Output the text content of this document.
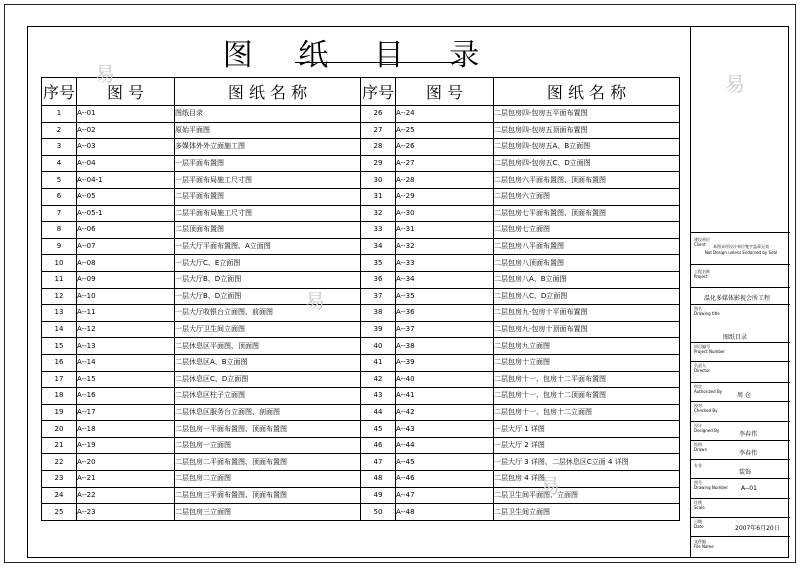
图 纸 目 录
序号	图 号	图 纸 名 称	序号	图 号	图 纸 名 称
1	A--01	图纸目录	26	A--24	二层包房四-包房五平面布置图
2	A--02	原始平面图	27	A--25	二层包房四-包房五顶面布置图
3	A--03	多媒体外外立面施工图	28	A--26	二层包房四-包房五A、B立面图
4	A--04	一层平面布置图	29	A--27	二层包房四-包房五C、D立面图
5	A--04-1	一层平面布局施工尺寸图	30	A--28	二层包房六平面布置图、顶面布置图
6	A--05	二层平面布置图	31	A--29	二层包房六立面图
7	A--05-1	二层平面布局施工尺寸图	32	A--30	二层包房七平面布置图、顶面布置图
8	A--06	二层顶面布置图	33	A--31	二层包房七立面图
9	A--07	一层大厅平面布置图、A立面图	34	A--32	二层包房八平面布置图
10	A--08	一层大厅C、E立面图	35	A--33	二层包房八顶面布置图
11	A--09	一层大厅B、D立面图	36	A--34	二层包房八A、B立面图
12	A--10	一层大厅B、D立面图	37	A--35	二层包房八C、D立面图
13	A--11	一层大厅收银台立面图、前面图	38	A--36	二层包房九-包房十平面布置图
14	A--12	一层大厅卫生间立面图	39	A--37	二层包房九-包房十顶面布置图
15	A--13	二层休息区平面图、顶面图	40	A--38	二层包房九立面图
16	A--14	二层休息区A、B立面图	41	A--39	二层包房十立面图
17	A--15	二层休息区C、D立面图	42	A--40	二层包房十一、包房十二平面布置图
18	A--16	二层休息区柱子立面图	43	A--41	二层包房十一、包房十二顶面布置图
19	A--17	二层休息区服务台立面图、剖面图	44	A--42	二层包房十一、包房十二立面图
20	A--18	二层包房一平面布置图、顶面布置图	45	A--43	一层大厅 1 详图
21	A--19	二层包房一立面图	46	A--44	一层大厅 2 详图
22	A--20	二层包房二平面布置图、顶面布置图	47	A--45	一层大厅 3 详图、二层休息区C立面 4 详图
23	A--21	二层包房二立面图	48	A--46	二层包房 4 详图
24	A--22	二层包房三平面布置图、顶面布置图	49	A--47	二层卫生间平面图、立面图
25	A--23	二层包房三立面图	50	A--48	二层卫生间立面图
本图未经设计单位签字盖章无效
Not Design unless Endorsed by Seal
建设单位
Client
工程名称
Project
温化多媒体影视会所工程
图名
Drawing title
图纸目录
项目编号
Project Number
负责人
Director
审定
Authorized By
周 仓
校对
Checked By
设计
Designed By
李春伟
绘图
Drawn
李春伟
专业
装饰
图号
Drawing Number A--01
比例
Scale
日期
Date	2007年6月20日
文件编
File Name
易
易
易
易
